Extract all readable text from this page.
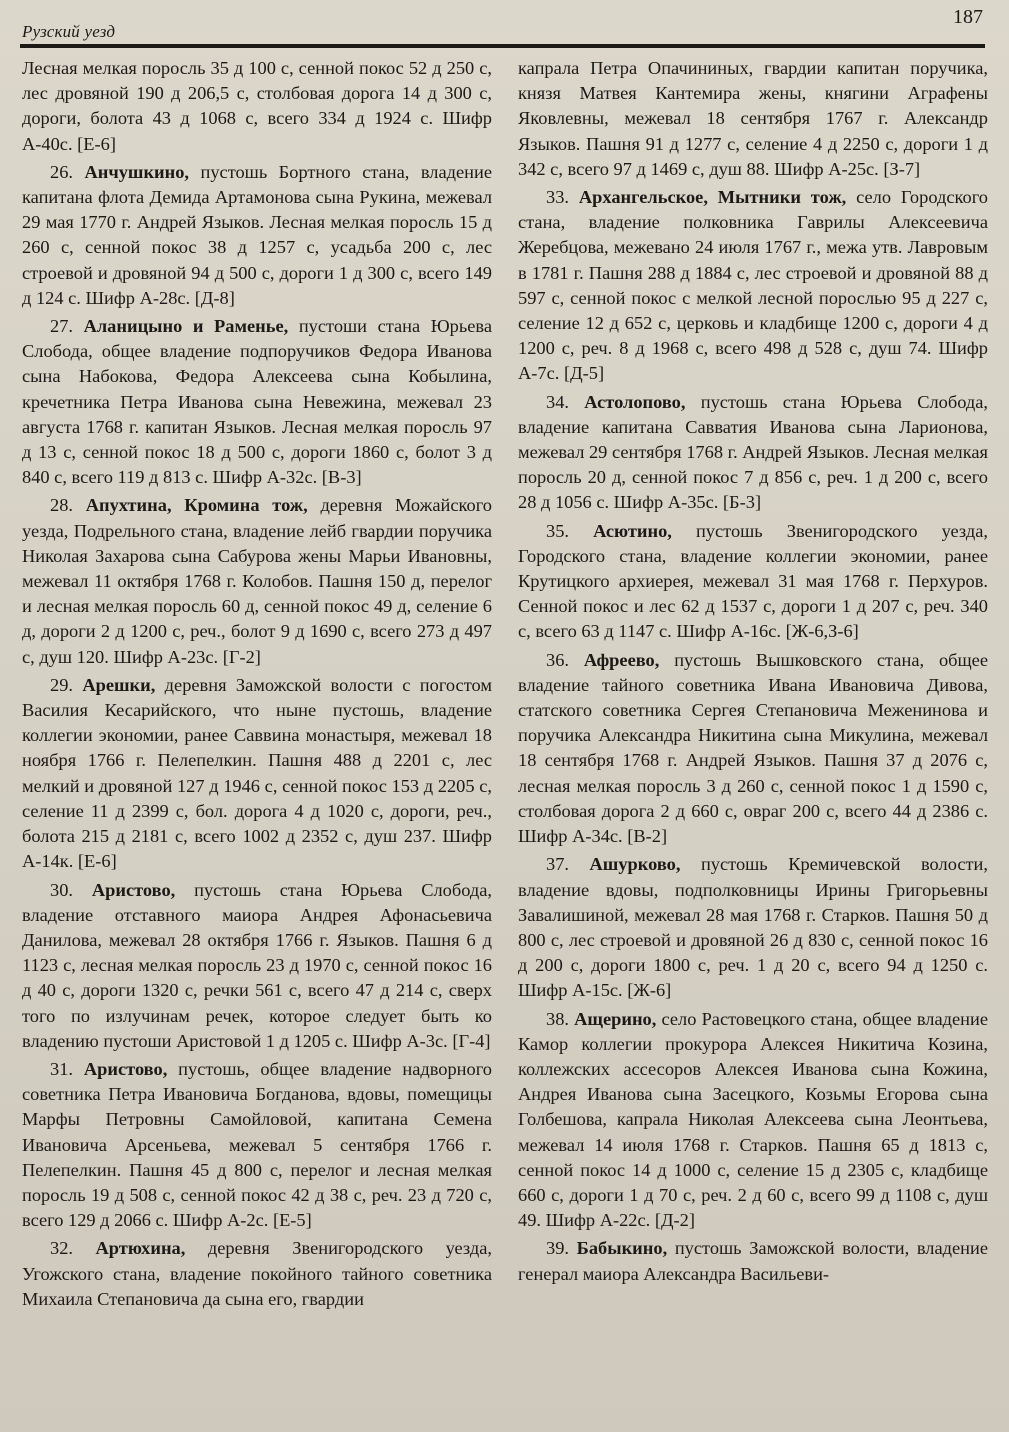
Рузский уезд
187

Лесная мелкая поросль 35 д 100 с, сенной покос 52 д 250 с, лес дровяной 190 д 206,5 с, столбовая дорога 14 д 300 с, дороги, болота 43 д 1068 с, всего 334 д 1924 с. Шифр А-40с. [Е-6]

26. Анчушкино, пустошь Бортного стана, владение капитана флота Демида Артамонова сына Рукина, межевал 29 мая 1770 г. Андрей Языков. Лесная мелкая поросль 15 д 260 с, сенной покос 38 д 1257 с, усадьба 200 с, лес строевой и дровяной 94 д 500 с, дороги 1 д 300 с, всего 149 д 124 с. Шифр А-28с. [Д-8]

27. Аланицыно и Раменье, пустоши стана Юрьева Слобода, общее владение подпоручиков Федора Иванова сына Набокова, Федора Алексеева сына Кобылина, кречетника Петра Иванова сына Невежина, межевал 23 августа 1768 г. капитан Языков. Лесная мелкая поросль 97 д 13 с, сенной покос 18 д 500 с, дороги 1860 с, болот 3 д 840 с, всего 119 д 813 с. Шифр А-32с. [В-3]

28. Апухтина, Кромина тож, деревня Можайского уезда, Подрельного стана, владение лейб гвардии поручика Николая Захарова сына Сабурова жены Марьи Ивановны, межевал 11 октября 1768 г. Колобов. Пашня 150 д, перелог и лесная мелкая поросль 60 д, сенной покос 49 д, селение 6 д, дороги 2 д 1200 с, реч., болот 9 д 1690 с, всего 273 д 497 с, душ 120. Шифр А-23с. [Г-2]

29. Арешки, деревня Заможской волости с погостом Василия Кесарийского, что ныне пустошь, владение коллегии экономии, ранее Саввина монастыря, межевал 18 ноября 1766 г. Пелепелкин. Пашня 488 д 2201 с, лес мелкий и дровяной 127 д 1946 с, сенной покос 153 д 2205 с, селение 11 д 2399 с, бол. дорога 4 д 1020 с, дороги, реч., болота 215 д 2181 с, всего 1002 д 2352 с, душ 237. Шифр А-14к. [Е-6]

30. Аристово, пустошь стана Юрьева Слобода, владение отставного маиора Андрея Афонасьевича Данилова, межевал 28 октября 1766 г. Языков. Пашня 6 д 1123 с, лесная мелкая поросль 23 д 1970 с, сенной покос 16 д 40 с, дороги 1320 с, речки 561 с, всего 47 д 214 с, сверх того по излучинам речек, которое следует быть ко владению пустоши Аристовой 1 д 1205 с. Шифр А-3с. [Г-4]

31. Аристово, пустошь, общее владение надворного советника Петра Ивановича Богданова, вдовы, помещицы Марфы Петровны Самойловой, капитана Семена Ивановича Арсеньева, межевал 5 сентября 1766 г. Пелепелкин. Пашня 45 д 800 с, перелог и лесная мелкая поросль 19 д 508 с, сенной покос 42 д 38 с, реч. 23 д 720 с, всего 129 д 2066 с. Шифр А-2с. [Е-5]

32. Артюхина, деревня Звенигородского уезда, Угожского стана, владение покойного тайного советника Михаила Степановича да сына его, гвардии

капрала Петра Опачининых, гвардии капитан поручика, князя Матвея Кантемира жены, княгини Аграфены Яковлевны, межевал 18 сентября 1767 г. Александр Языков. Пашня 91 д 1277 с, селение 4 д 2250 с, дороги 1 д 342 с, всего 97 д 1469 с, душ 88. Шифр А-25с. [З-7]

33. Архангельское, Мытники тож, село Городского стана, владение полковника Гаврилы Алексеевича Жеребцова, межевано 24 июля 1767 г., межа утв. Лавровым в 1781 г. Пашня 288 д 1884 с, лес строевой и дровяной 88 д 597 с, сенной покос с мелкой лесной порослью 95 д 227 с, селение 12 д 652 с, церковь и кладбище 1200 с, дороги 4 д 1200 с, реч. 8 д 1968 с, всего 498 д 528 с, душ 74. Шифр А-7с. [Д-5]

34. Астолопово, пустошь стана Юрьева Слобода, владение капитана Савватия Иванова сына Ларионова, межевал 29 сентября 1768 г. Андрей Языков. Лесная мелкая поросль 20 д, сенной покос 7 д 856 с, реч. 1 д 200 с, всего 28 д 1056 с. Шифр А-35с. [Б-3]

35. Асютино, пустошь Звенигородского уезда, Городского стана, владение коллегии экономии, ранее Крутицкого архиерея, межевал 31 мая 1768 г. Перхуров. Сенной покос и лес 62 д 1537 с, дороги 1 д 207 с, реч. 340 с, всего 63 д 1147 с. Шифр А-16с. [Ж-6,З-6]

36. Афреево, пустошь Вышковского стана, общее владение тайного советника Ивана Ивановича Дивова, статского советника Сергея Степановича Меженинова и поручика Александра Никитина сына Микулина, межевал 18 сентября 1768 г. Андрей Языков. Пашня 37 д 2076 с, лесная мелкая поросль 3 д 260 с, сенной покос 1 д 1590 с, столбовая дорога 2 д 660 с, овраг 200 с, всего 44 д 2386 с. Шифр А-34с. [В-2]

37. Ашурково, пустошь Кремичевской волости, владение вдовы, подполковницы Ирины Григорьевны Завалишиной, межевал 28 мая 1768 г. Старков. Пашня 50 д 800 с, лес строевой и дровяной 26 д 830 с, сенной покос 16 д 200 с, дороги 1800 с, реч. 1 д 20 с, всего 94 д 1250 с. Шифр А-15с. [Ж-6]

38. Ащерино, село Растовецкого стана, общее владение Камор коллегии прокурора Алексея Никитича Козина, коллежских ассесоров Алексея Иванова сына Кожина, Андрея Иванова сына Засецкого, Козьмы Егорова сына Голбешова, капрала Николая Алексеева сына Леонтьева, межевал 14 июля 1768 г. Старков. Пашня 65 д 1813 с, сенной покос 14 д 1000 с, селение 15 д 2305 с, кладбище 660 с, дороги 1 д 70 с, реч. 2 д 60 с, всего 99 д 1108 с, душ 49. Шифр А-22с. [Д-2]

39. Бабыкино, пустошь Заможской волости, владение генерал маиора Александра Васильеви-
